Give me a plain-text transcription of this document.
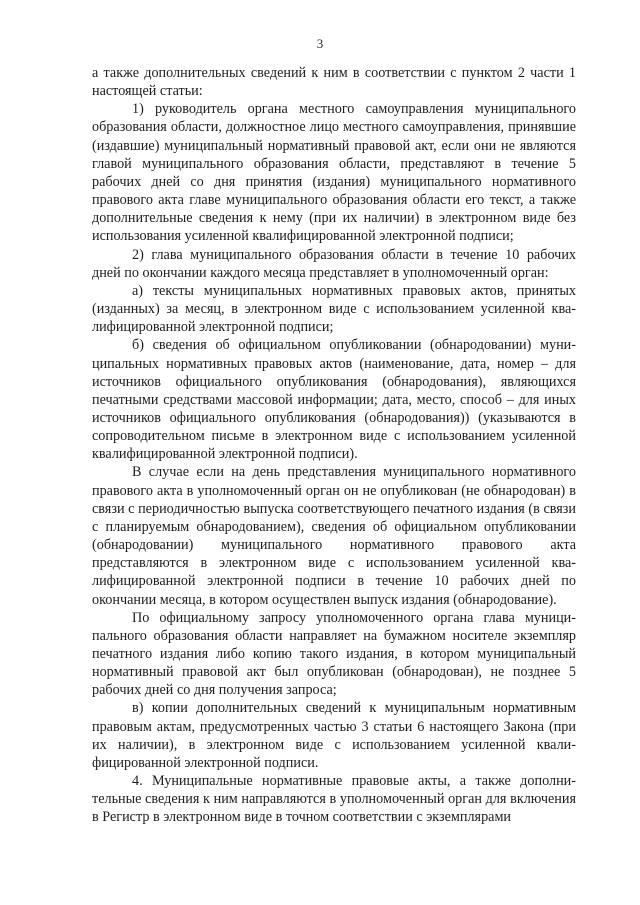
3

а также дополнительных сведений к ним в соответствии с пунктом 2 части 1 настоящей статьи:

1) руководитель органа местного самоуправления муниципального образования области, должностное лицо местного самоуправления, принявшие (издавшие) муниципальный нормативный правовой акт, если они не являются главой муниципального образования области, представляют в течение 5 рабочих дней со дня принятия (издания) муниципального нормативного правового акта главе муниципального образования области его текст, а также дополнительные сведения к нему (при их наличии) в электронном виде без использования усиленной квалифицированной электронной подписи;

2) глава муниципального образования области в течение 10 рабочих дней по окончании каждого месяца представляет в уполномоченный орган:

а) тексты муниципальных нормативных правовых актов, принятых (изданных) за месяц, в электронном виде с использованием усиленной квалифицированной электронной подписи;

б) сведения об официальном опубликовании (обнародовании) муниципальных нормативных правовых актов (наименование, дата, номер – для источников официального опубликования (обнародования), являющихся печатными средствами массовой информации; дата, место, способ – для иных источников официального опубликования (обнародования)) (указываются в сопроводительном письме в электронном виде с использованием усиленной квалифицированной электронной подписи).

В случае если на день представления муниципального нормативного правового акта в уполномоченный орган он не опубликован (не обнародован) в связи с периодичностью выпуска соответствующего печатного издания (в связи с планируемым обнародованием), сведения об официальном опубликовании (обнародовании) муниципального нормативного правового акта представляются в электронном виде с использованием усиленной квалифицированной электронной подписи в течение 10 рабочих дней по окончании месяца, в котором осуществлен выпуск издания (обнародование).

По официальному запросу уполномоченного органа глава муниципального образования области направляет на бумажном носителе экземпляр печатного издания либо копию такого издания, в котором муниципальный нормативный правовой акт был опубликован (обнародован), не позднее 5 рабочих дней со дня получения запроса;

в) копии дополнительных сведений к муниципальным нормативным правовым актам, предусмотренных частью 3 статьи 6 настоящего Закона (при их наличии), в электронном виде с использованием усиленной квалифицированной электронной подписи.

4. Муниципальные нормативные правовые акты, а также дополнительные сведения к ним направляются в уполномоченный орган для включения в Регистр в электронном виде в точном соответствии с экземплярами
